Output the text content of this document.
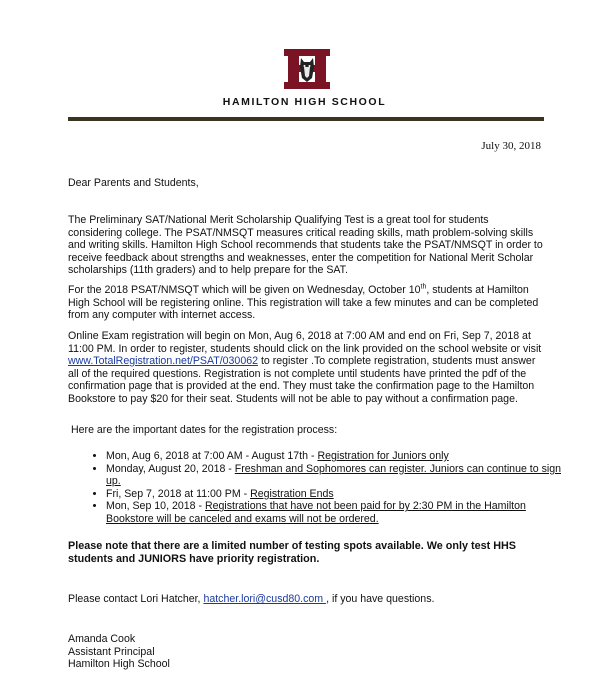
HAMILTON HIGH SCHOOL
July 30, 2018
Dear Parents and Students,
The Preliminary SAT/National Merit Scholarship Qualifying Test is a great tool for students considering college. The PSAT/NMSQT measures critical reading skills, math problem-solving skills and writing skills. Hamilton High School recommends that students take the PSAT/NMSQT in order to receive feedback about strengths and weaknesses, enter the competition for National Merit Scholar scholarships (11th graders) and to help prepare for the SAT.
For the 2018 PSAT/NMSQT which will be given on Wednesday, October 10th, students at Hamilton High School will be registering online. This registration will take a few minutes and can be completed from any computer with internet access.
Online Exam registration will begin on Mon, Aug 6, 2018 at 7:00 AM and end on Fri, Sep 7, 2018 at 11:00 PM. In order to register, students should click on the link provided on the school website or visit www.TotalRegistration.net/PSAT/030062 to register .To complete registration, students must answer all of the required questions. Registration is not complete until students have printed the pdf of the confirmation page that is provided at the end. They must take the confirmation page to the Hamilton Bookstore to pay $20 for their seat. Students will not be able to pay without a confirmation page.
Here are the important dates for the registration process:
• Mon, Aug 6, 2018 at 7:00 AM - August 17th - Registration for Juniors only
• Monday, August 20, 2018 - Freshman and Sophomores can register. Juniors can continue to sign up.
• Fri, Sep 7, 2018 at 11:00 PM - Registration Ends
• Mon, Sep 10, 2018 - Registrations that have not been paid for by 2:30 PM in the Hamilton Bookstore will be canceled and exams will not be ordered.
Please note that there are a limited number of testing spots available. We only test HHS students and JUNIORS have priority registration.
Please contact Lori Hatcher, hatcher.lori@cusd80.com , if you have questions.
Amanda Cook
Assistant Principal
Hamilton High School
